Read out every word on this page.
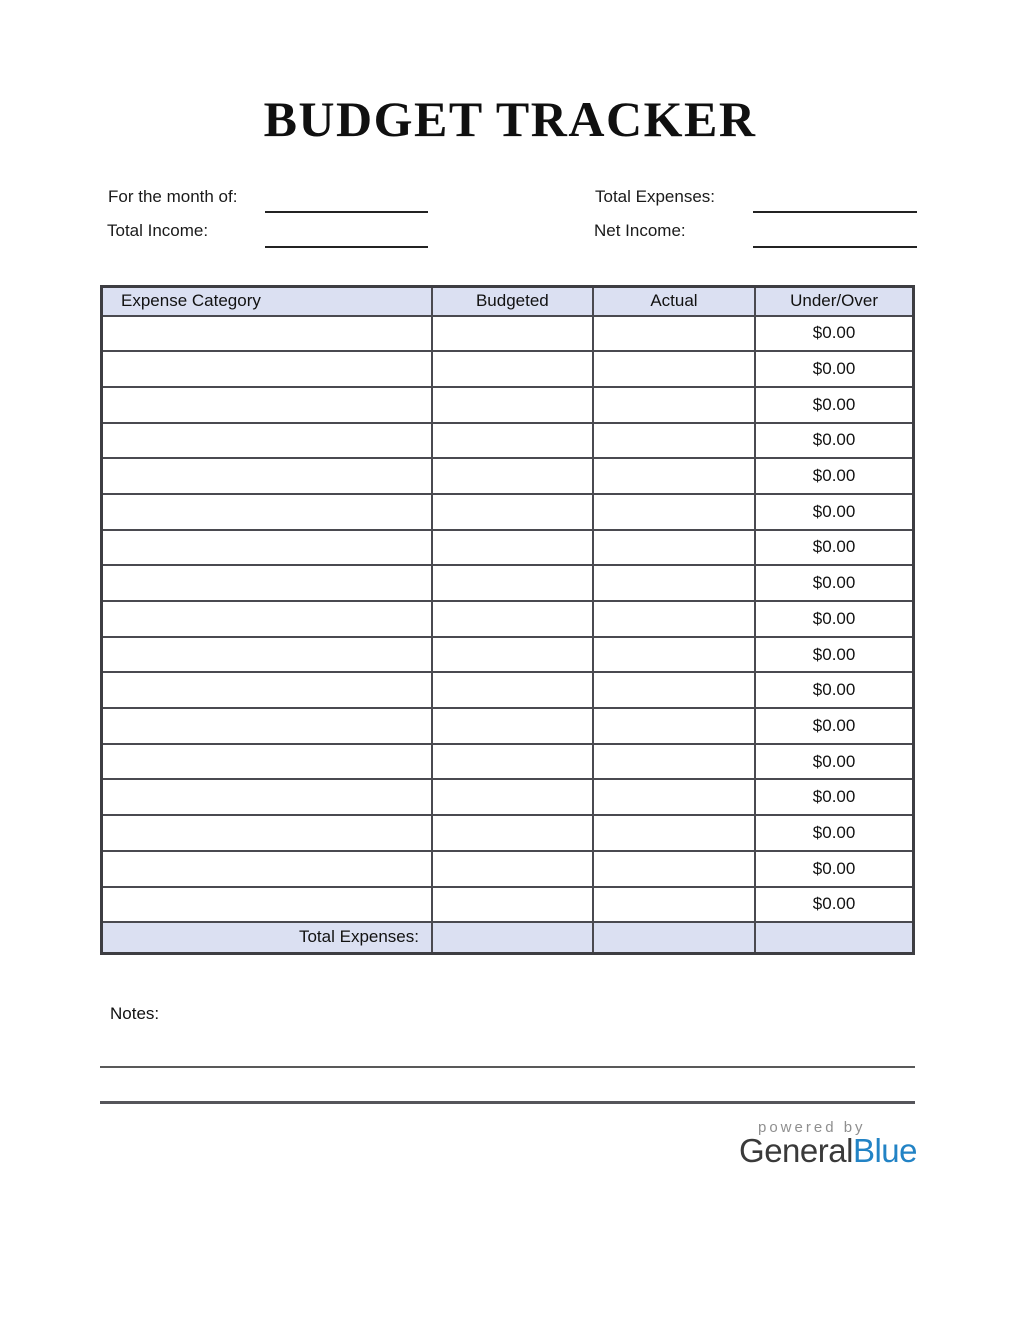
BUDGET TRACKER
For the month of:
Total Income:
Total Expenses:
Net Income:
Expense Category	Budgeted	Actual	Under/Over
			$0.00
			$0.00
			$0.00
			$0.00
			$0.00
			$0.00
			$0.00
			$0.00
			$0.00
			$0.00
			$0.00
			$0.00
			$0.00
			$0.00
			$0.00
			$0.00
			$0.00
Total Expenses:			
Notes:
powered by
GeneralBlue
